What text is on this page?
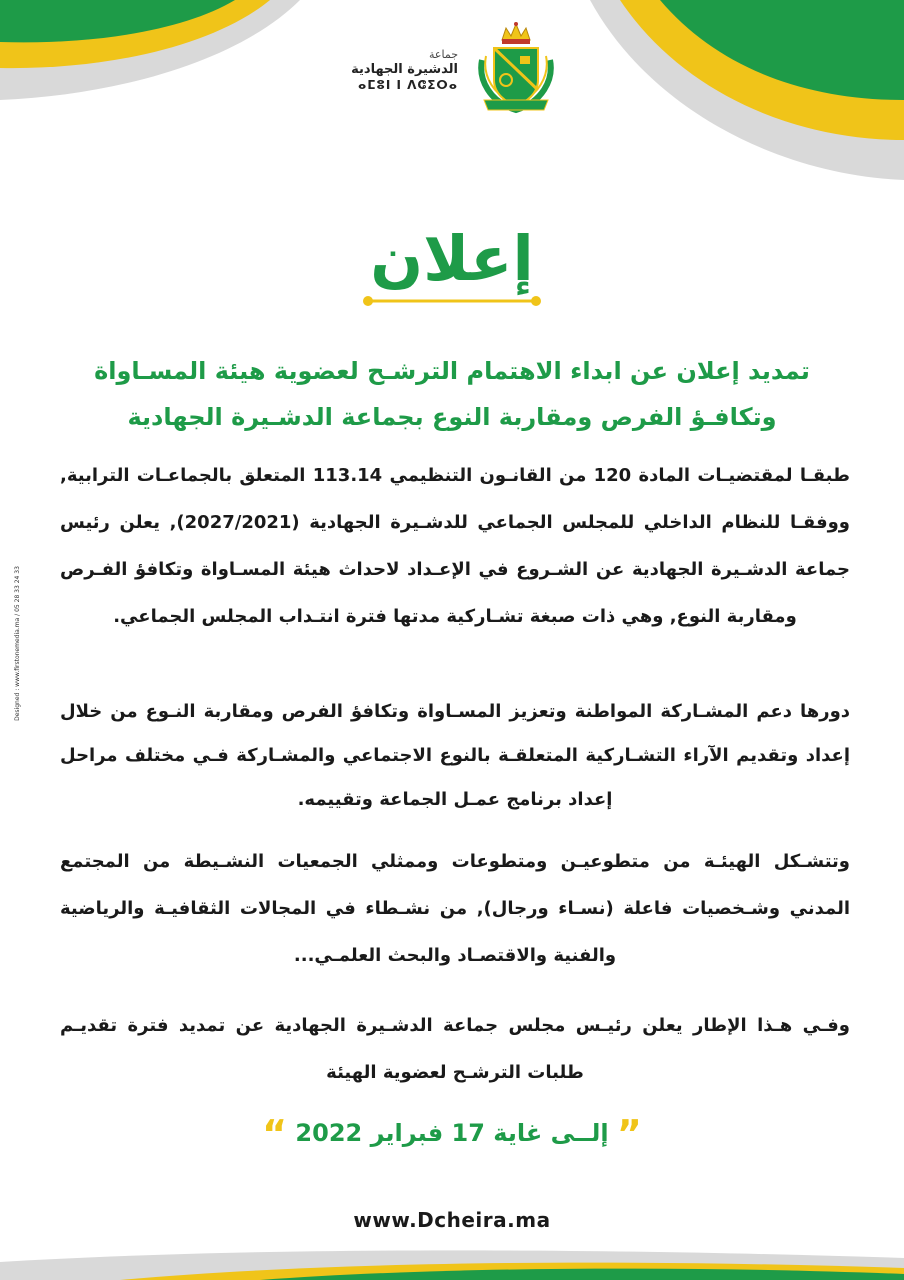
جماعة
الدشيرة الجهادية
ⴰⵎⵓⵏ ⵏ ⴷⵛⵉⵔⴰ
إعلان
تمديد إعلان عن ابداء الاهتمام الترشـح لعضوية هيئة المسـاواة
وتكافـؤ الفرص ومقاربة النوع بجماعة الدشـيرة الجهادية
طبقـا لمقتضيـات المادة 120 من القانـون التنظيمي 113.14 المتعلق بالجماعـات الترابية, ووفقـا للنظام الداخلي للمجلس الجماعي للدشـيرة الجهادية (2027/2021), يعلن رئيس جماعة الدشـيرة الجهادية عن الشـروع في الإعـداد لاحداث هيئة المسـاواة وتكافؤ الفـرص ومقاربة النوع, وهي ذات صبغة تشـاركية مدتها فترة انتـداب المجلس الجماعي.
دورها دعم المشـاركة المواطنة وتعزيز المسـاواة وتكافؤ الفرص ومقاربة النـوع من خلال إعداد وتقديم الآراء التشـاركية المتعلقـة بالنوع الاجتماعي والمشـاركة فـي مختلف مراحل إعداد برنامج عمـل الجماعة وتقييمه.
وتتشـكل الهيئـة من متطوعيـن ومتطوعات وممثلي الجمعيات النشـيطة من المجتمع المدني وشـخصيات فاعلة (نسـاء ورجال), من نشـطاء في المجالات الثقافيـة والرياضية والفنية والاقتصـاد والبحث العلمـي...
وفـي هـذا الإطار يعلن رئيـس مجلس جماعة الدشـيرة الجهادية عن تمديد فترة تقديـم طلبات الترشـح لعضوية الهيئة
” إلــى غاية 17 فبراير 2022 “
www.Dcheira.ma
Designed : www.firstonemedia.ma / 05 28 33 24 33
